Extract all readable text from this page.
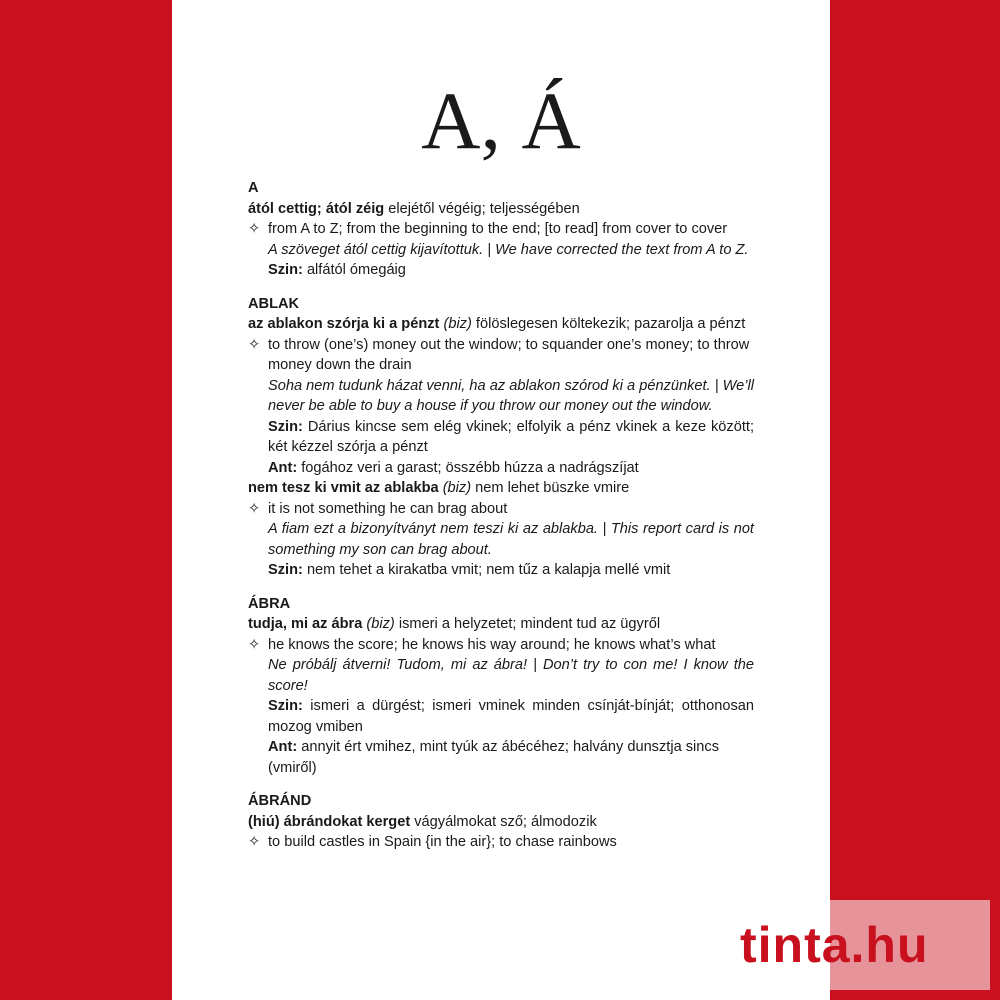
A, Á
A
ától cettig; ától zéig elejétől végéig; teljességében
✧ from A to Z; from the beginning to the end; [to read] from cover to cover
A szöveget ától cettig kijavítottuk. | We have corrected the text from A to Z.
Szin: alfától ómegáig
ABLAK
az ablakon szórja ki a pénzt (biz) fölöslegesen költekezik; pazarolja a pénzt
✧ to throw (one’s) money out the window; to squander one’s money; to throw money down the drain
Soha nem tudunk házat venni, ha az ablakon szórod ki a pénzünket. | We’ll never be able to buy a house if you throw our money out the window.
Szin: Dárius kincse sem elég vkinek; elfolyik a pénz vkinek a keze között; két kézzel szórja a pénzt
Ant: fogához veri a garast; összébb húzza a nadrágszíjat
nem tesz ki vmit az ablakba (biz) nem lehet büszke vmire
✧ it is not something he can brag about
A fiam ezt a bizonyítványt nem teszi ki az ablakba. | This report card is not something my son can brag about.
Szin: nem tehet a kirakatba vmit; nem tűz a kalapja mellé vmit
ÁBRA
tudja, mi az ábra (biz) ismeri a helyzetet; mindent tud az ügyről
✧ he knows the score; he knows his way around; he knows what’s what
Ne próbálj átverni! Tudom, mi az ábra! | Don’t try to con me! I know the score!
Szin: ismeri a dürgést; ismeri vminek minden csínját-bínját; otthonosan mozog vmiben
Ant: annyit ért vmihez, mint tyúk az ábécéhez; halvány dunsztja sincs (vmiről)
ÁBRÁND
(hiú) ábrándokat kerget vágyálmokat sző; álmodozik
✧ to build castles in Spain {in the air}; to chase rainbows
tinta.hu
